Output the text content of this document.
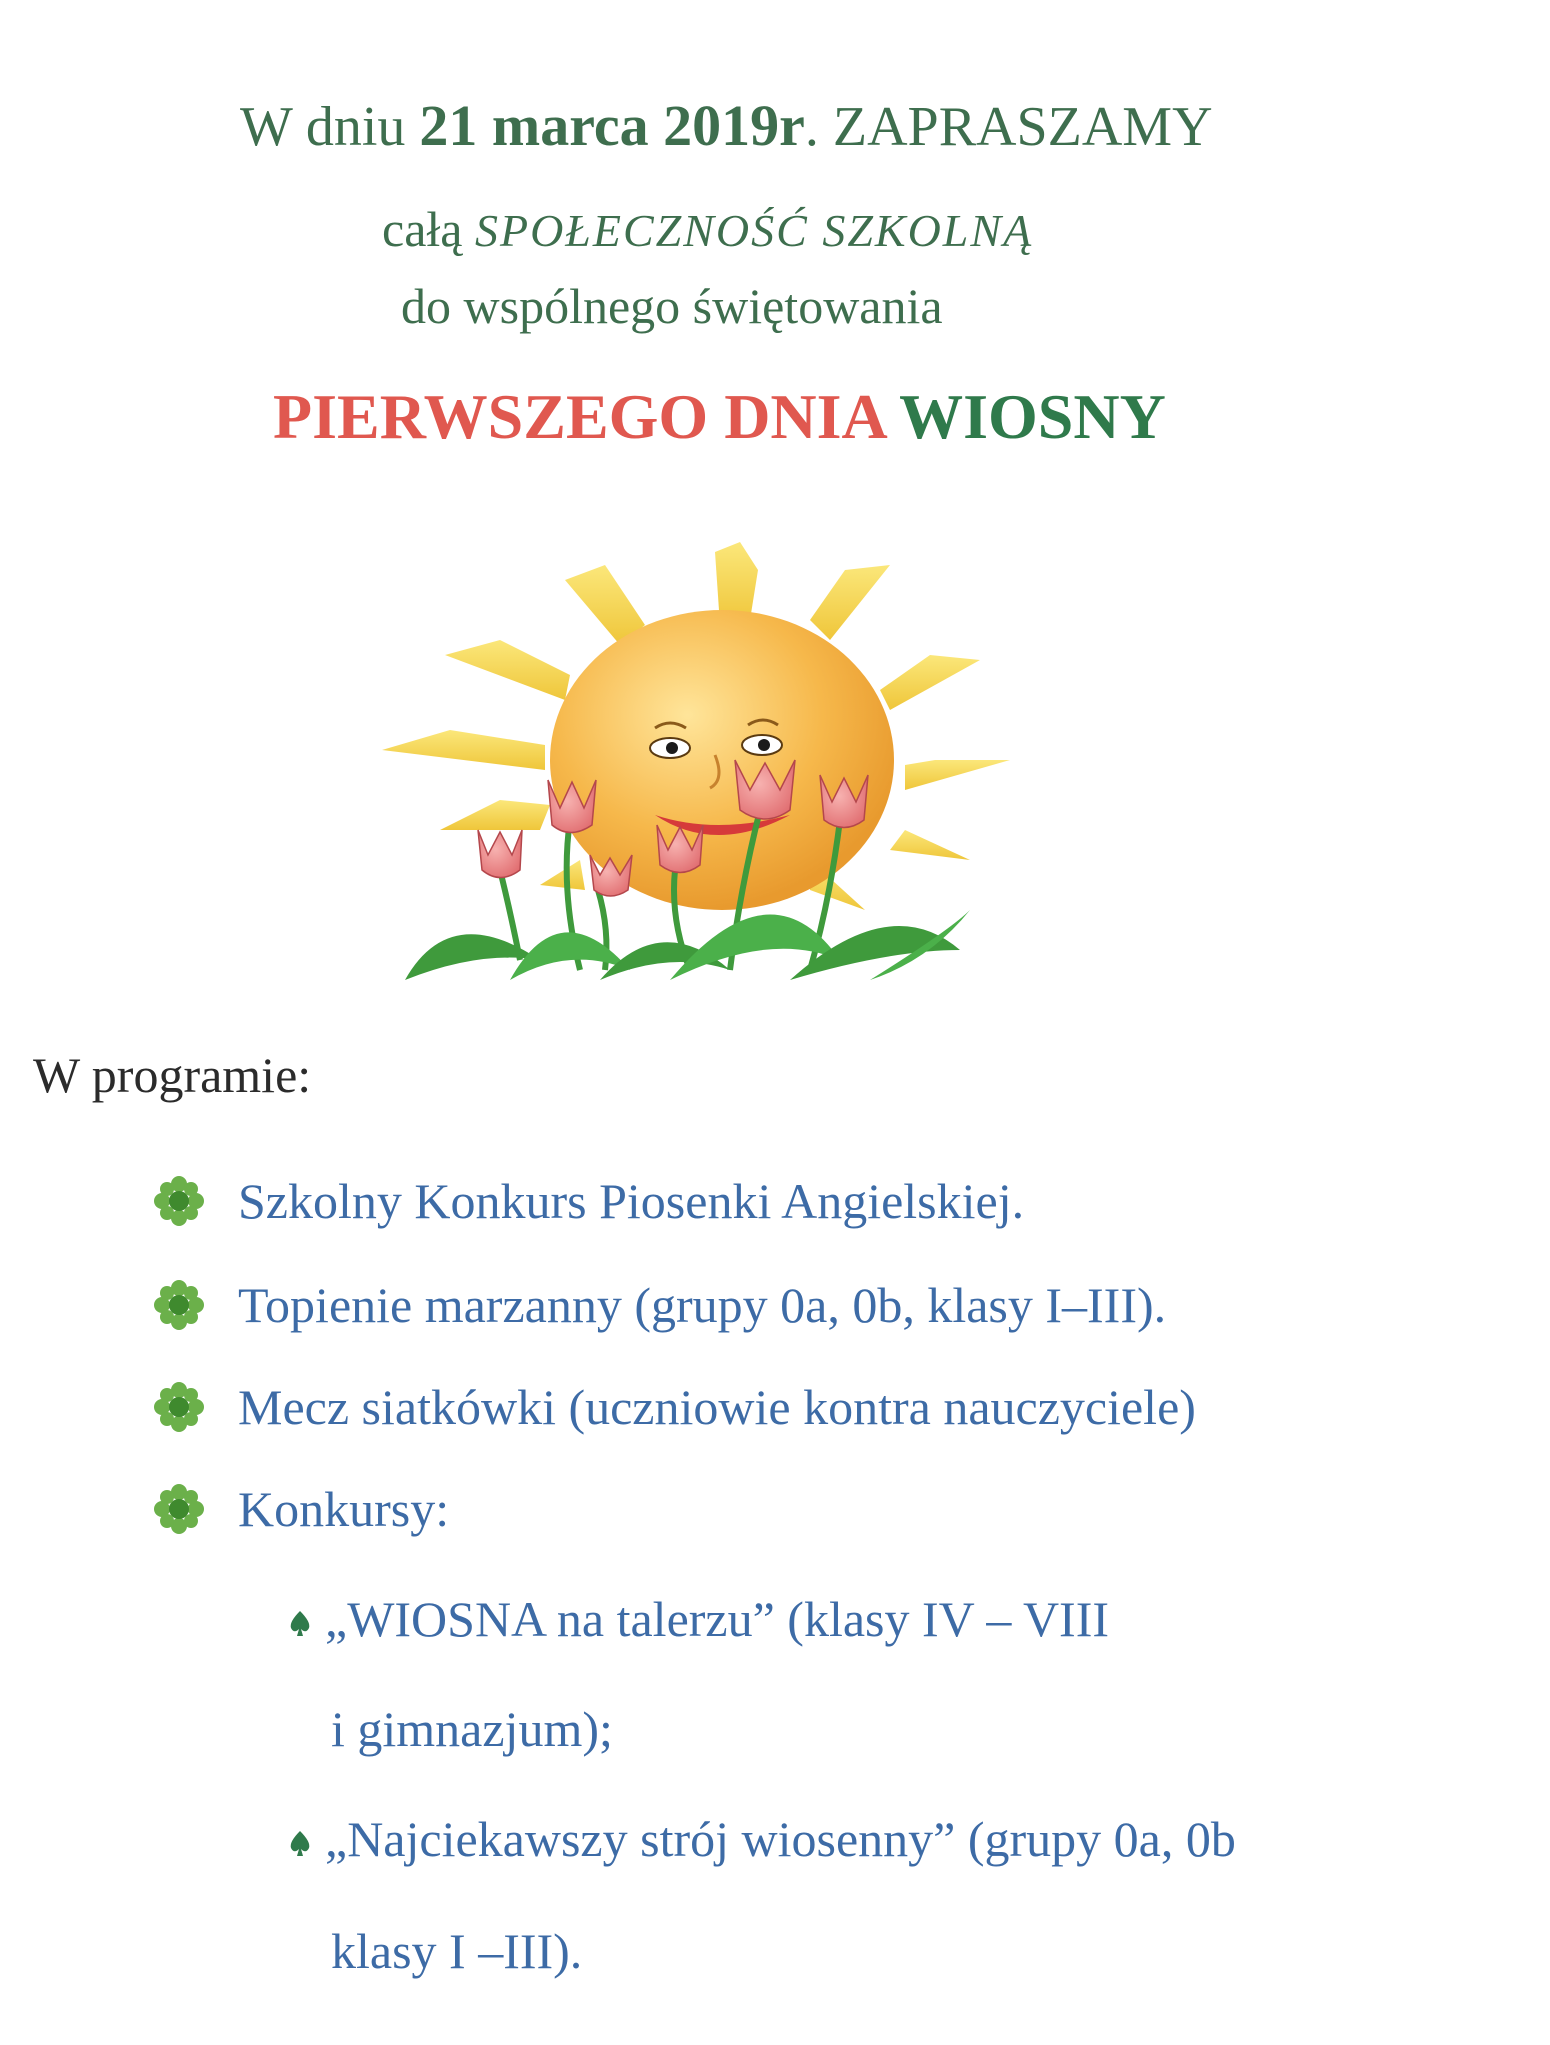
W dniu 21 marca 2019r. ZAPRASZAMY
całą SPOŁECZNOŚĆ SZKOLNĄ
do wspólnego świętowania
PIERWSZEGO DNIA WIOSNY
W programie:
Szkolny Konkurs Piosenki Angielskiej.
Topienie marzanny (grupy 0a, 0b, klasy I–III).
Mecz siatkówki (uczniowie kontra nauczyciele)
Konkursy:
„WIOSNA na talerzu” (klasy IV – VIII
i gimnazjum);
„Najciekawszy strój wiosenny” (grupy 0a, 0b
klasy I –III).
